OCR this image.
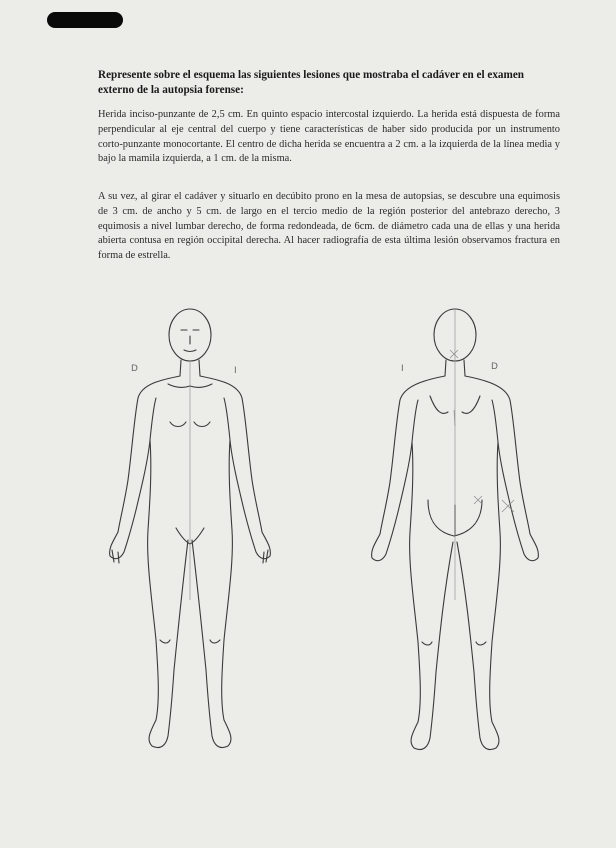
Represente sobre el esquema las siguientes lesiones que mostraba el cadáver en el examen externo de la autopsia forense:
Herida inciso-punzante de 2,5 cm. En quinto espacio intercostal izquierdo. La herida está dispuesta de forma perpendicular al eje central del cuerpo y tiene características de haber sido producida por un instrumento corto-punzante monocortante. El centro de dicha herida se encuentra a 2 cm. a la izquierda de la línea media y bajo la mamila izquierda, a 1 cm. de la misma.
A su vez, al girar el cadáver y situarlo en decúbito prono en la mesa de autopsias, se descubre una equimosis de 3 cm. de ancho y 5 cm. de largo en el tercio medio de la región posterior del antebrazo derecho, 3 equimosis a nivel lumbar derecho, de forma redondeada, de 6cm. de diámetro cada una de ellas y una herida abierta contusa en región occipital derecha. Al hacer radiografía de esta última lesión observamos fractura en forma de estrella.
D	I	I	D
